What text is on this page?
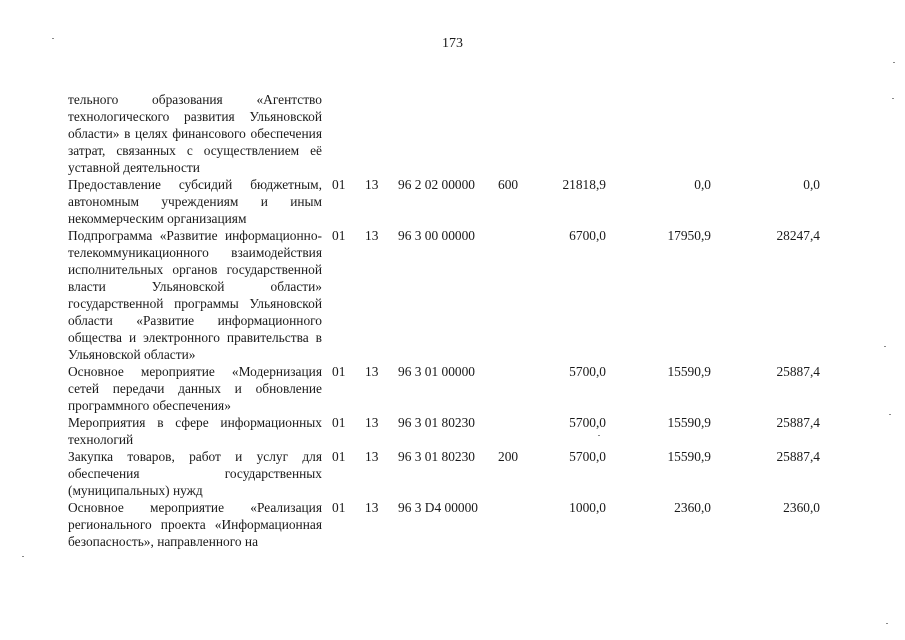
173
тельного образования «Агентство технологического развития Ульяновской области» в целях финансового обеспечения затрат, связанных с осуществлением её уставной деятельности
Предоставление субсидий бюджетным, автономным учреждениям и иным некоммерческим организациям
01 13 96 2 02 00000 600	21818,9	0,0	0,0
Подпрограмма «Развитие информационно-телекоммуникационного взаимодействия исполнительных органов государственной власти Ульяновской области» государственной программы Ульяновской области «Развитие информационного общества и электронного правительства в Ульяновской области»
01 13 96 3 00 00000	6700,0	17950,9	28247,4
Основное мероприятие «Модернизация сетей передачи данных и обновление программного обеспечения»
01 13 96 3 01 00000	5700,0	15590,9	25887,4
Мероприятия в сфере информационных технологий
01 13 96 3 01 80230	5700,0	15590,9	25887,4
Закупка товаров, работ и услуг для обеспечения государственных (муниципальных) нужд
01 13 96 3 01 80230 200	5700,0	15590,9	25887,4
Основное мероприятие «Реализация регионального проекта «Информационная безопасность», направленного на
01 13 96 3 D4 00000	1000,0	2360,0	2360,0
